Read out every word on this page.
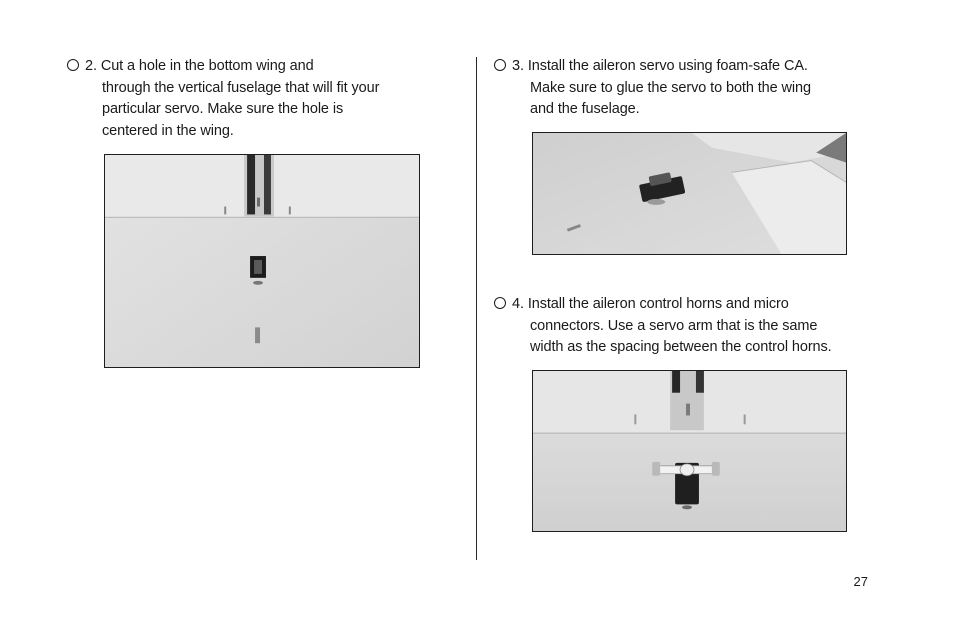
2. Cut a hole in the bottom wing and
through the vertical fuselage that will fit your
particular servo. Make sure the hole is
centered in the wing.
3. Install the aileron servo using foam-safe CA.
Make sure to glue the servo to both the wing
and the fuselage.
4. Install the aileron control horns and micro
connectors. Use a servo arm that is the same
width as the spacing between the control horns.
27
